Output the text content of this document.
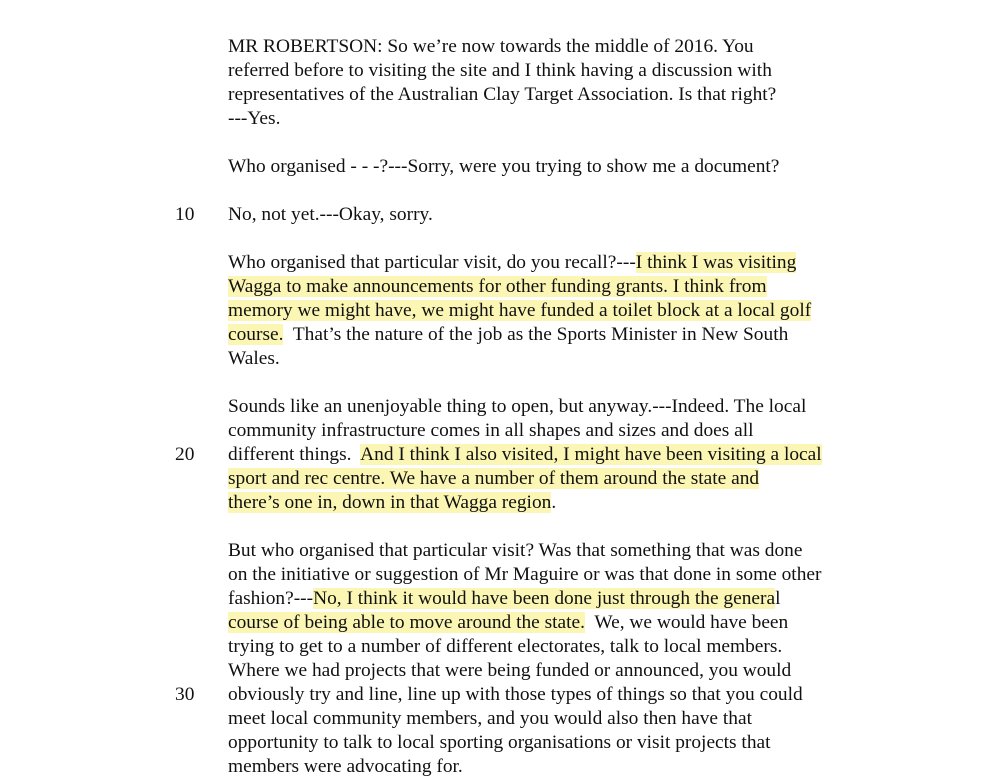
MR ROBERTSON: So we’re now towards the middle of 2016. You
referred before to visiting the site and I think having a discussion with
representatives of the Australian Clay Target Association. Is that right?
---Yes.
Who organised - - -?---Sorry, were you trying to show me a document?
10 No, not yet.---Okay, sorry.
Who organised that particular visit, do you recall?---I think I was visiting
Wagga to make announcements for other funding grants. I think from
memory we might have, we might have funded a toilet block at a local golf
course.  That’s the nature of the job as the Sports Minister in New South
Wales.
Sounds like an unenjoyable thing to open, but anyway.---Indeed. The local
community infrastructure comes in all shapes and sizes and does all
20 different things.  And I think I also visited, I might have been visiting a local
sport and rec centre. We have a number of them around the state and
there’s one in, down in that Wagga region.
But who organised that particular visit? Was that something that was done
on the initiative or suggestion of Mr Maguire or was that done in some other
fashion?---No, I think it would have been done just through the general
course of being able to move around the state.  We, we would have been
trying to get to a number of different electorates, talk to local members.
Where we had projects that were being funded or announced, you would
30 obviously try and line, line up with those types of things so that you could
meet local community members, and you would also then have that
opportunity to talk to local sporting organisations or visit projects that
members were advocating for.
